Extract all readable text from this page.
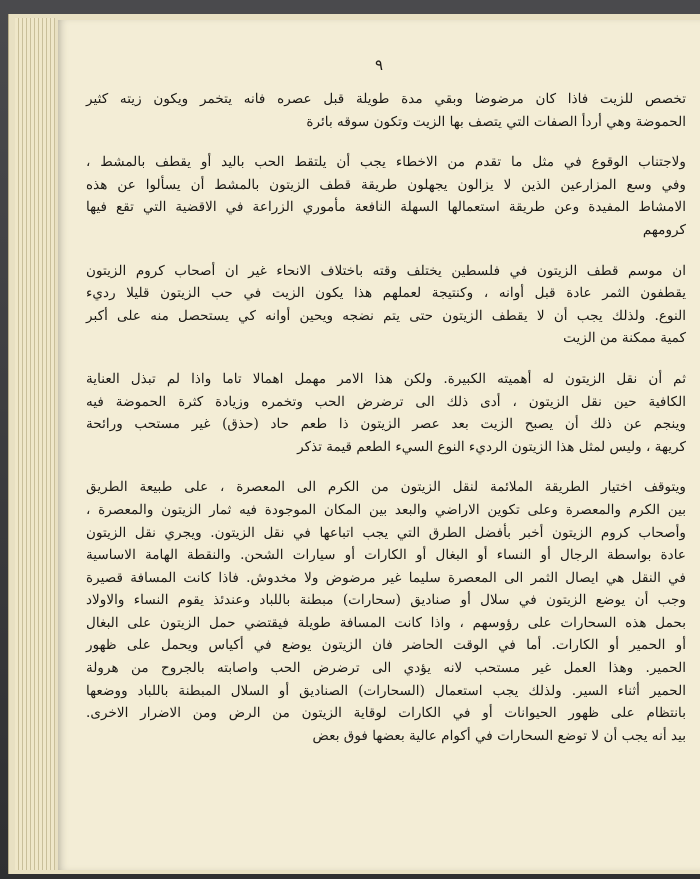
٩

تخصص للزيت فاذا كان مرضوضا وبقي مدة طويلة قبل عصره فانه يتخمر ويكون زيته كثير
الحموضة وهي أردأ الصفات التي يتصف بها الزيت وتكون سوقه بائرة

ولاجتناب الوقوع في مثل ما تقدم من الاخطاء يجب أن يلتقط الحب باليد أو يقطف بالمشط ،
وفي وسع المزارعين الذين لا يزالون يجهلون طريقة قطف الزيتون بالمشط أن يسألوا عن هذه
الامشاط المفيدة وعن طريقة استعمالها السهلة النافعة مأموري الزراعة في الاقضية التي تقع فيها
كرومهم

ان موسم قطف الزيتون في فلسطين يختلف وقته باختلاف الانحاء غير ان أصحاب كروم الزيتون
يقطفون الثمر عادة قبل أوانه ، وكنتيجة لعملهم هذا يكون الزيت في حب الزيتون قليلا رديء
النوع. ولذلك يجب أن لا يقطف الزيتون حتى يتم نضجه ويحين أوانه كي يستحصل منه على أكبر
كمية ممكنة من الزيت

ثم أن نقل الزيتون له أهميته الكبيرة. ولكن هذا الامر مهمل اهمالا تاما واذا لم تبذل العناية
الكافية حين نقل الزيتون ، أدى ذلك الى ترضرض الحب وتخمره وزيادة كثرة الحموضة فيه
وينجم عن ذلك أن يصبح الزيت بعد عصر الزيتون ذا طعم حاد (حذق) غير مستحب ورائحة
كريهة ، وليس لمثل هذا الزيتون الرديء النوع السيء الطعم قيمة تذكر

ويتوقف اختيار الطريقة الملائمة لنقل الزيتون من الكرم الى المعصرة ، على طبيعة الطريق
بين الكرم والمعصرة وعلى تكوين الاراضي والبعد بين المكان الموجودة فيه ثمار الزيتون والمعصرة ،
وأصحاب كروم الزيتون أخبر بأفضل الطرق التي يجب اتباعها في نقل الزيتون. ويجري نقل الزيتون
عادة بواسطة الرجال أو النساء أو البغال أو الكارات أو سيارات الشحن. والنقطة الهامة الاساسية
في النقل هي ايصال الثمر الى المعصرة سليما غير مرضوض ولا مخدوش. فاذا كانت المسافة قصيرة
وجب أن يوضع الزيتون في سلال أو صناديق (سحارات) مبطنة باللباد وعندئذ يقوم النساء والاولاد
بحمل هذه السحارات على رؤوسهم ، واذا كانت المسافة طويلة فيقتضي حمل الزيتون على البغال
أو الحمير أو الكارات. أما في الوقت الحاضر فان الزيتون يوضع في أكياس ويحمل على ظهور
الحمير. وهذا العمل غير مستحب لانه يؤدي الى ترضرض الحب واصابته بالجروح من هرولة
الحمير أثناء السير. ولذلك يجب استعمال (السحارات) الصناديق أو السلال المبطنة باللباد ووضعها
بانتظام على ظهور الحيوانات أو في الكارات لوقاية الزيتون من الرض ومن الاضرار الاخرى.
بيد أنه يجب أن لا توضع السحارات في أكوام عالية بعضها فوق بعض
